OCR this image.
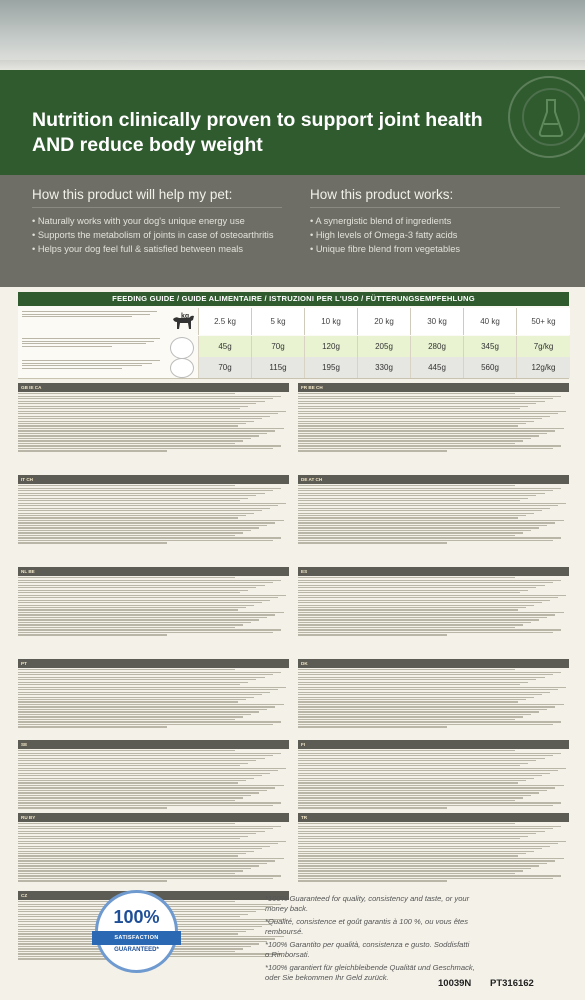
Nutrition clinically proven to support joint health AND reduce body weight
How this product will help my pet:
• Naturally works with your dog's unique energy use
• Supports the metabolism of joints in case of osteoarthritis
• Helps your dog feel full & satisfied between meals
How this product works:
• A synergistic blend of ingredients
• High levels of Omega-3 fatty acids
• Unique fibre blend from vegetables
FEEDING GUIDE / GUIDE ALIMENTAIRE / ISTRUZIONI PER L'USO / FÜTTERUNGSEMPFEHLUNG
kg
2.5 kg	5 kg	10 kg	20 kg	30 kg	40 kg	50+ kg
45g	70g	120g	205g	280g	345g	7g/kg
70g	115g	195g	330g	445g	560g	12g/kg
GB IE CA
IT CH
NL BE
PT
SE
RU BY
CZ
FR BE CH
DE AT CH
ES
DK
FI
TR
100%
SATISFACTION
GUARANTEED*

*100% Guaranteed for quality, consistency and taste, or your money back.

*Qualité, consistence et goût garantis à 100 %, ou vous êtes remboursé.

*100% Garantito per qualità, consistenza e gusto. Soddisfatti o Rimborsati.

*100% garantiert für gleichbleibende Qualität und Geschmack, oder Sie bekommen Ihr Geld zurück.

10039N PT316162
